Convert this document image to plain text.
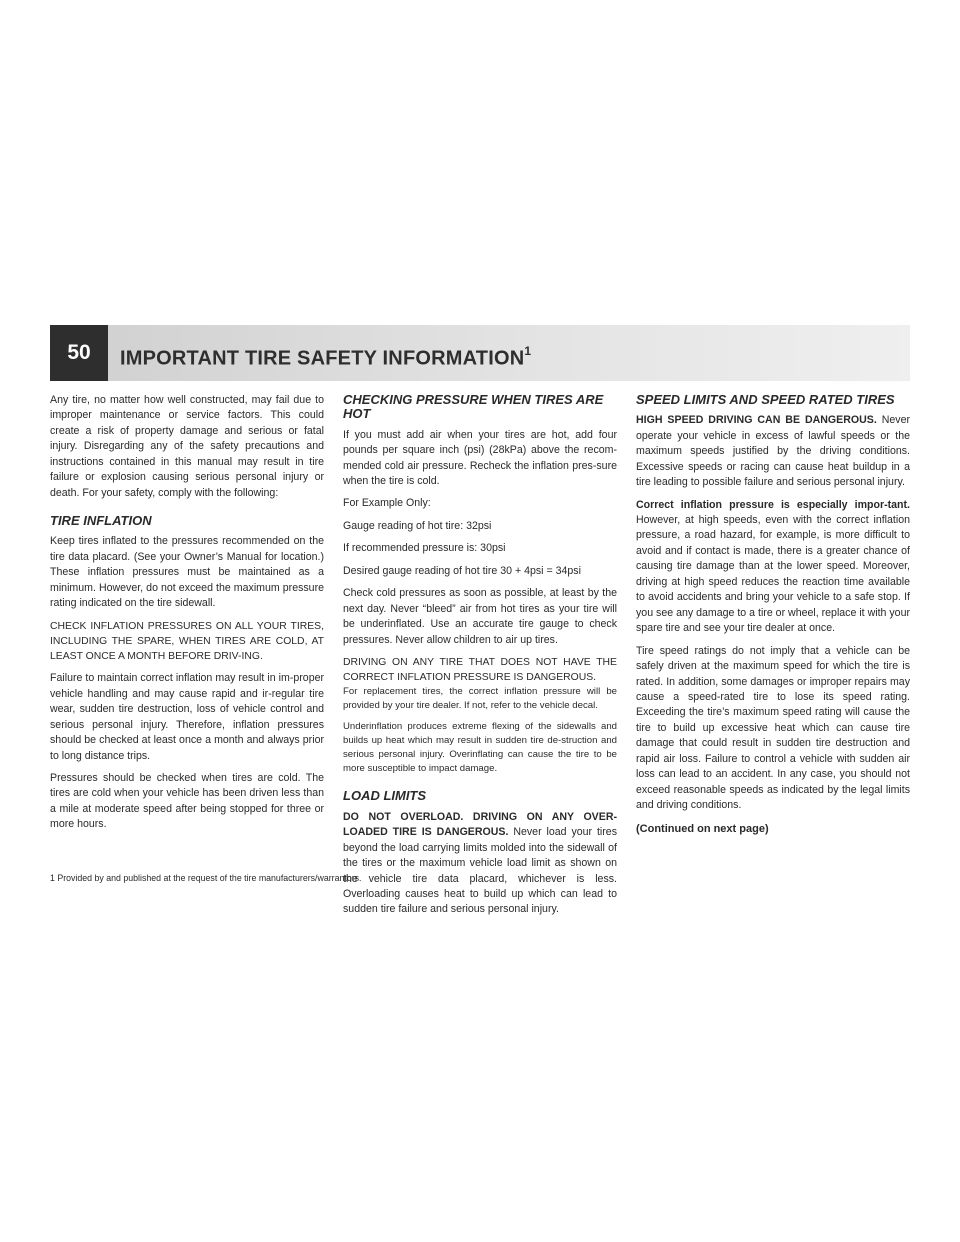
50	IMPORTANT TIRE SAFETY INFORMATION$^1$

Any tire, no matter how well constructed, may fail due to improper maintenance or service factors. This could create a risk of property damage and serious or fatal injury. Disregarding any of the safety precautions and instructions contained in this manual may result in tire failure or explosion causing serious personal injury or death. For your safety, comply with the following:

TIRE INFLATION

Keep tires inflated to the pressures recommended on the tire data placard. (See your Owner’s Manual for location.) These inflation pressures must be maintained as a minimum. However, do not exceed the maximum pressure rating indicated on the tire sidewall.

CHECK INFLATION PRESSURES ON ALL YOUR TIRES, INCLUDING THE SPARE, WHEN TIRES ARE COLD, AT LEAST ONCE A MONTH BEFORE DRIV-ING.

Failure to maintain correct inflation may result in im-proper vehicle handling and may cause rapid and ir-regular tire wear, sudden tire destruction, loss of vehicle control and serious personal injury. Therefore, inflation pressures should be checked at least once a month and always prior to long distance trips.

Pressures should be checked when tires are cold. The tires are cold when your vehicle has been driven less than a mile at moderate speed after being stopped for three or more hours.

CHECKING PRESSURE WHEN TIRES ARE HOT

If you must add air when your tires are hot, add four pounds per square inch (psi) (28kPa) above the recom-mended cold air pressure. Recheck the inflation pres-sure when the tire is cold.

For Example Only:

Gauge reading of hot tire: 32psi

If recommended pressure is: 30psi

Desired gauge reading of hot tire 30 + 4psi = 34psi

Check cold pressures as soon as possible, at least by the next day. Never “bleed” air from hot tires as your tire will be underinflated. Use an accurate tire gauge to check pressures. Never allow children to air up tires.

DRIVING ON ANY TIRE THAT DOES NOT HAVE THE CORRECT INFLATION PRESSURE IS DANGEROUS.

For replacement tires, the correct inflation pressure will be provided by your tire dealer. If not, refer to the vehicle decal.

Underinflation produces extreme flexing of the sidewalls and builds up heat which may result in sudden tire de-struction and serious personal injury. Overinflating can cause the tire to be more susceptible to impact damage.

LOAD LIMITS

DO NOT OVERLOAD. DRIVING ON ANY OVER-LOADED TIRE IS DANGEROUS. Never load your tires beyond the load carrying limits molded into the sidewall of the tires or the maximum vehicle load limit as shown on the vehicle tire data placard, whichever is less. Overloading causes heat to build up which can lead to sudden tire failure and serious personal injury.

SPEED LIMITS AND SPEED RATED TIRES

HIGH SPEED DRIVING CAN BE DANGEROUS. Never operate your vehicle in excess of lawful speeds or the maximum speeds justified by the driving conditions. Excessive speeds or racing can cause heat buildup in a tire leading to possible failure and serious personal injury.

Correct inflation pressure is especially impor-tant. However, at high speeds, even with the correct inflation pressure, a road hazard, for example, is more difficult to avoid and if contact is made, there is a greater chance of causing tire damage than at the lower speed. Moreover, driving at high speed reduces the reaction time available to avoid accidents and bring your vehicle to a safe stop. If you see any damage to a tire or wheel, replace it with your spare tire and see your tire dealer at once.

Tire speed ratings do not imply that a vehicle can be safely driven at the maximum speed for which the tire is rated. In addition, some damages or improper repairs may cause a speed-rated tire to lose its speed rating. Exceeding the tire’s maximum speed rating will cause the tire to build up excessive heat which can cause tire damage that could result in sudden tire destruction and rapid air loss. Failure to control a vehicle with sudden air loss can lead to an accident. In any case, you should not exceed reasonable speeds as indicated by the legal limits and driving conditions.

(Continued on next page)

1 Provided by and published at the request of the tire manufacturers/warrantors.
